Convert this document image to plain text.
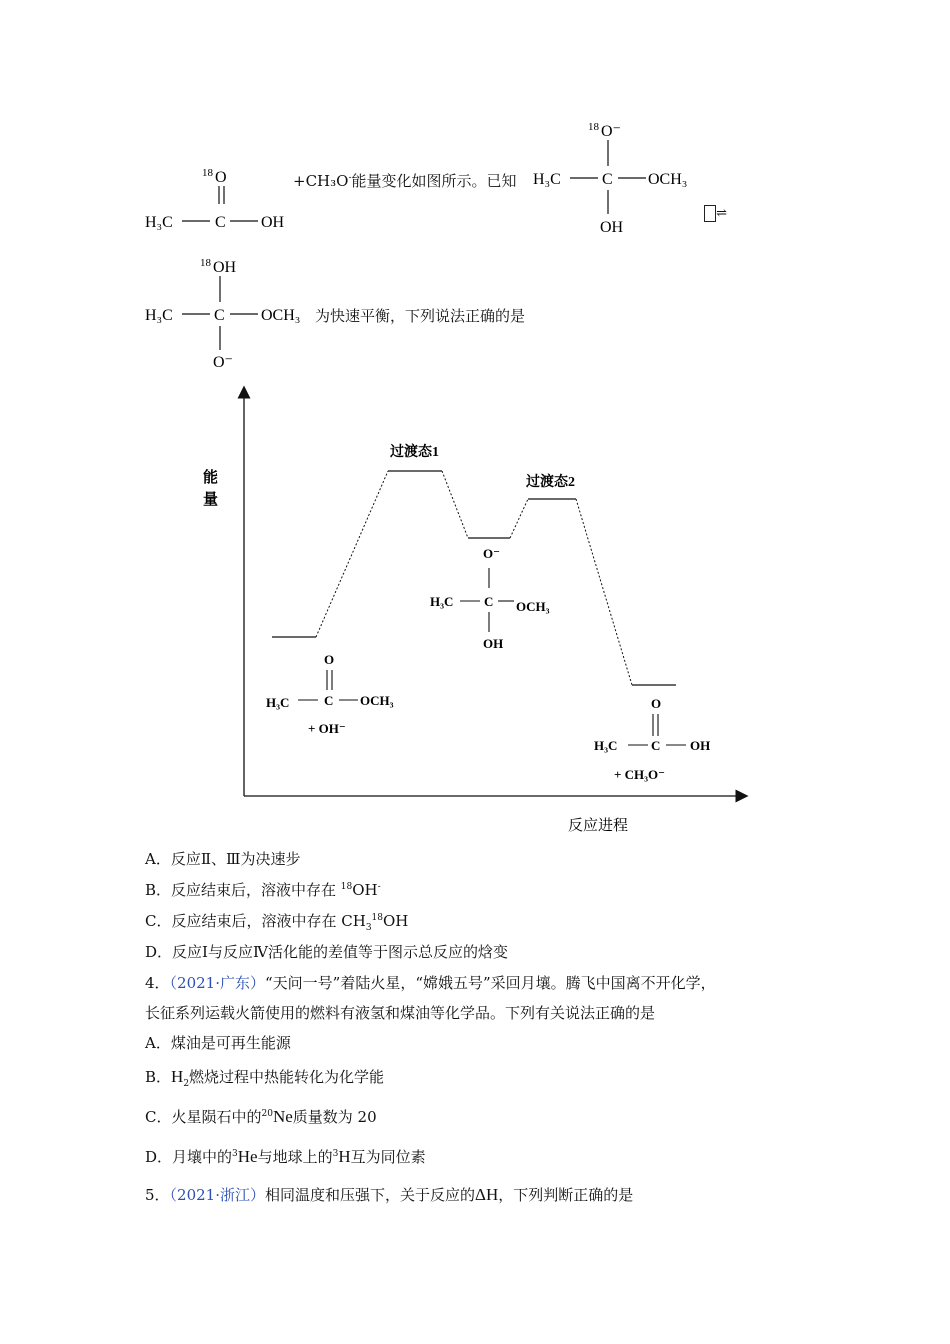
18 O
H₃C	C OH
+CH₃O-能量变化如图所示。已知
18 O⁻
H₃C	C OCH₃
OH
⇌
18 OH
H₃C	C OCH₃
O⁻
为快速平衡，下列说法正确的是
能
量
反应进程
过渡态1
过渡态2
O⁻
H₃C C OCH₃
OH
O
H₃C	C OCH₃
+ OH⁻
O
H₃C	C OH
+ CH₃O⁻
A．反应Ⅱ、Ⅲ为决速步
B．反应结束后，溶液中存在 $^{18}$OH-
C．反应结束后，溶液中存在 $CH_3^{18}OH$
D．反应Ⅰ与反应Ⅳ活化能的差值等于图示总反应的焓变
4．（2021·广东）“天问一号”着陆火星，“嫦娥五号”采回月壤。腾飞中国离不开化学，
长征系列运载火箭使用的燃料有液氢和煤油等化学品。下列有关说法正确的是
A．煤油是可再生能源
B．$H_2$燃烧过程中热能转化为化学能
C．火星陨石中的$^{20}$Ne质量数为 20
D．月壤中的$^3$He与地球上的$^3$H互为同位素
5．（2021·浙江）相同温度和压强下，关于反应的ΔH，下列判断正确的是
